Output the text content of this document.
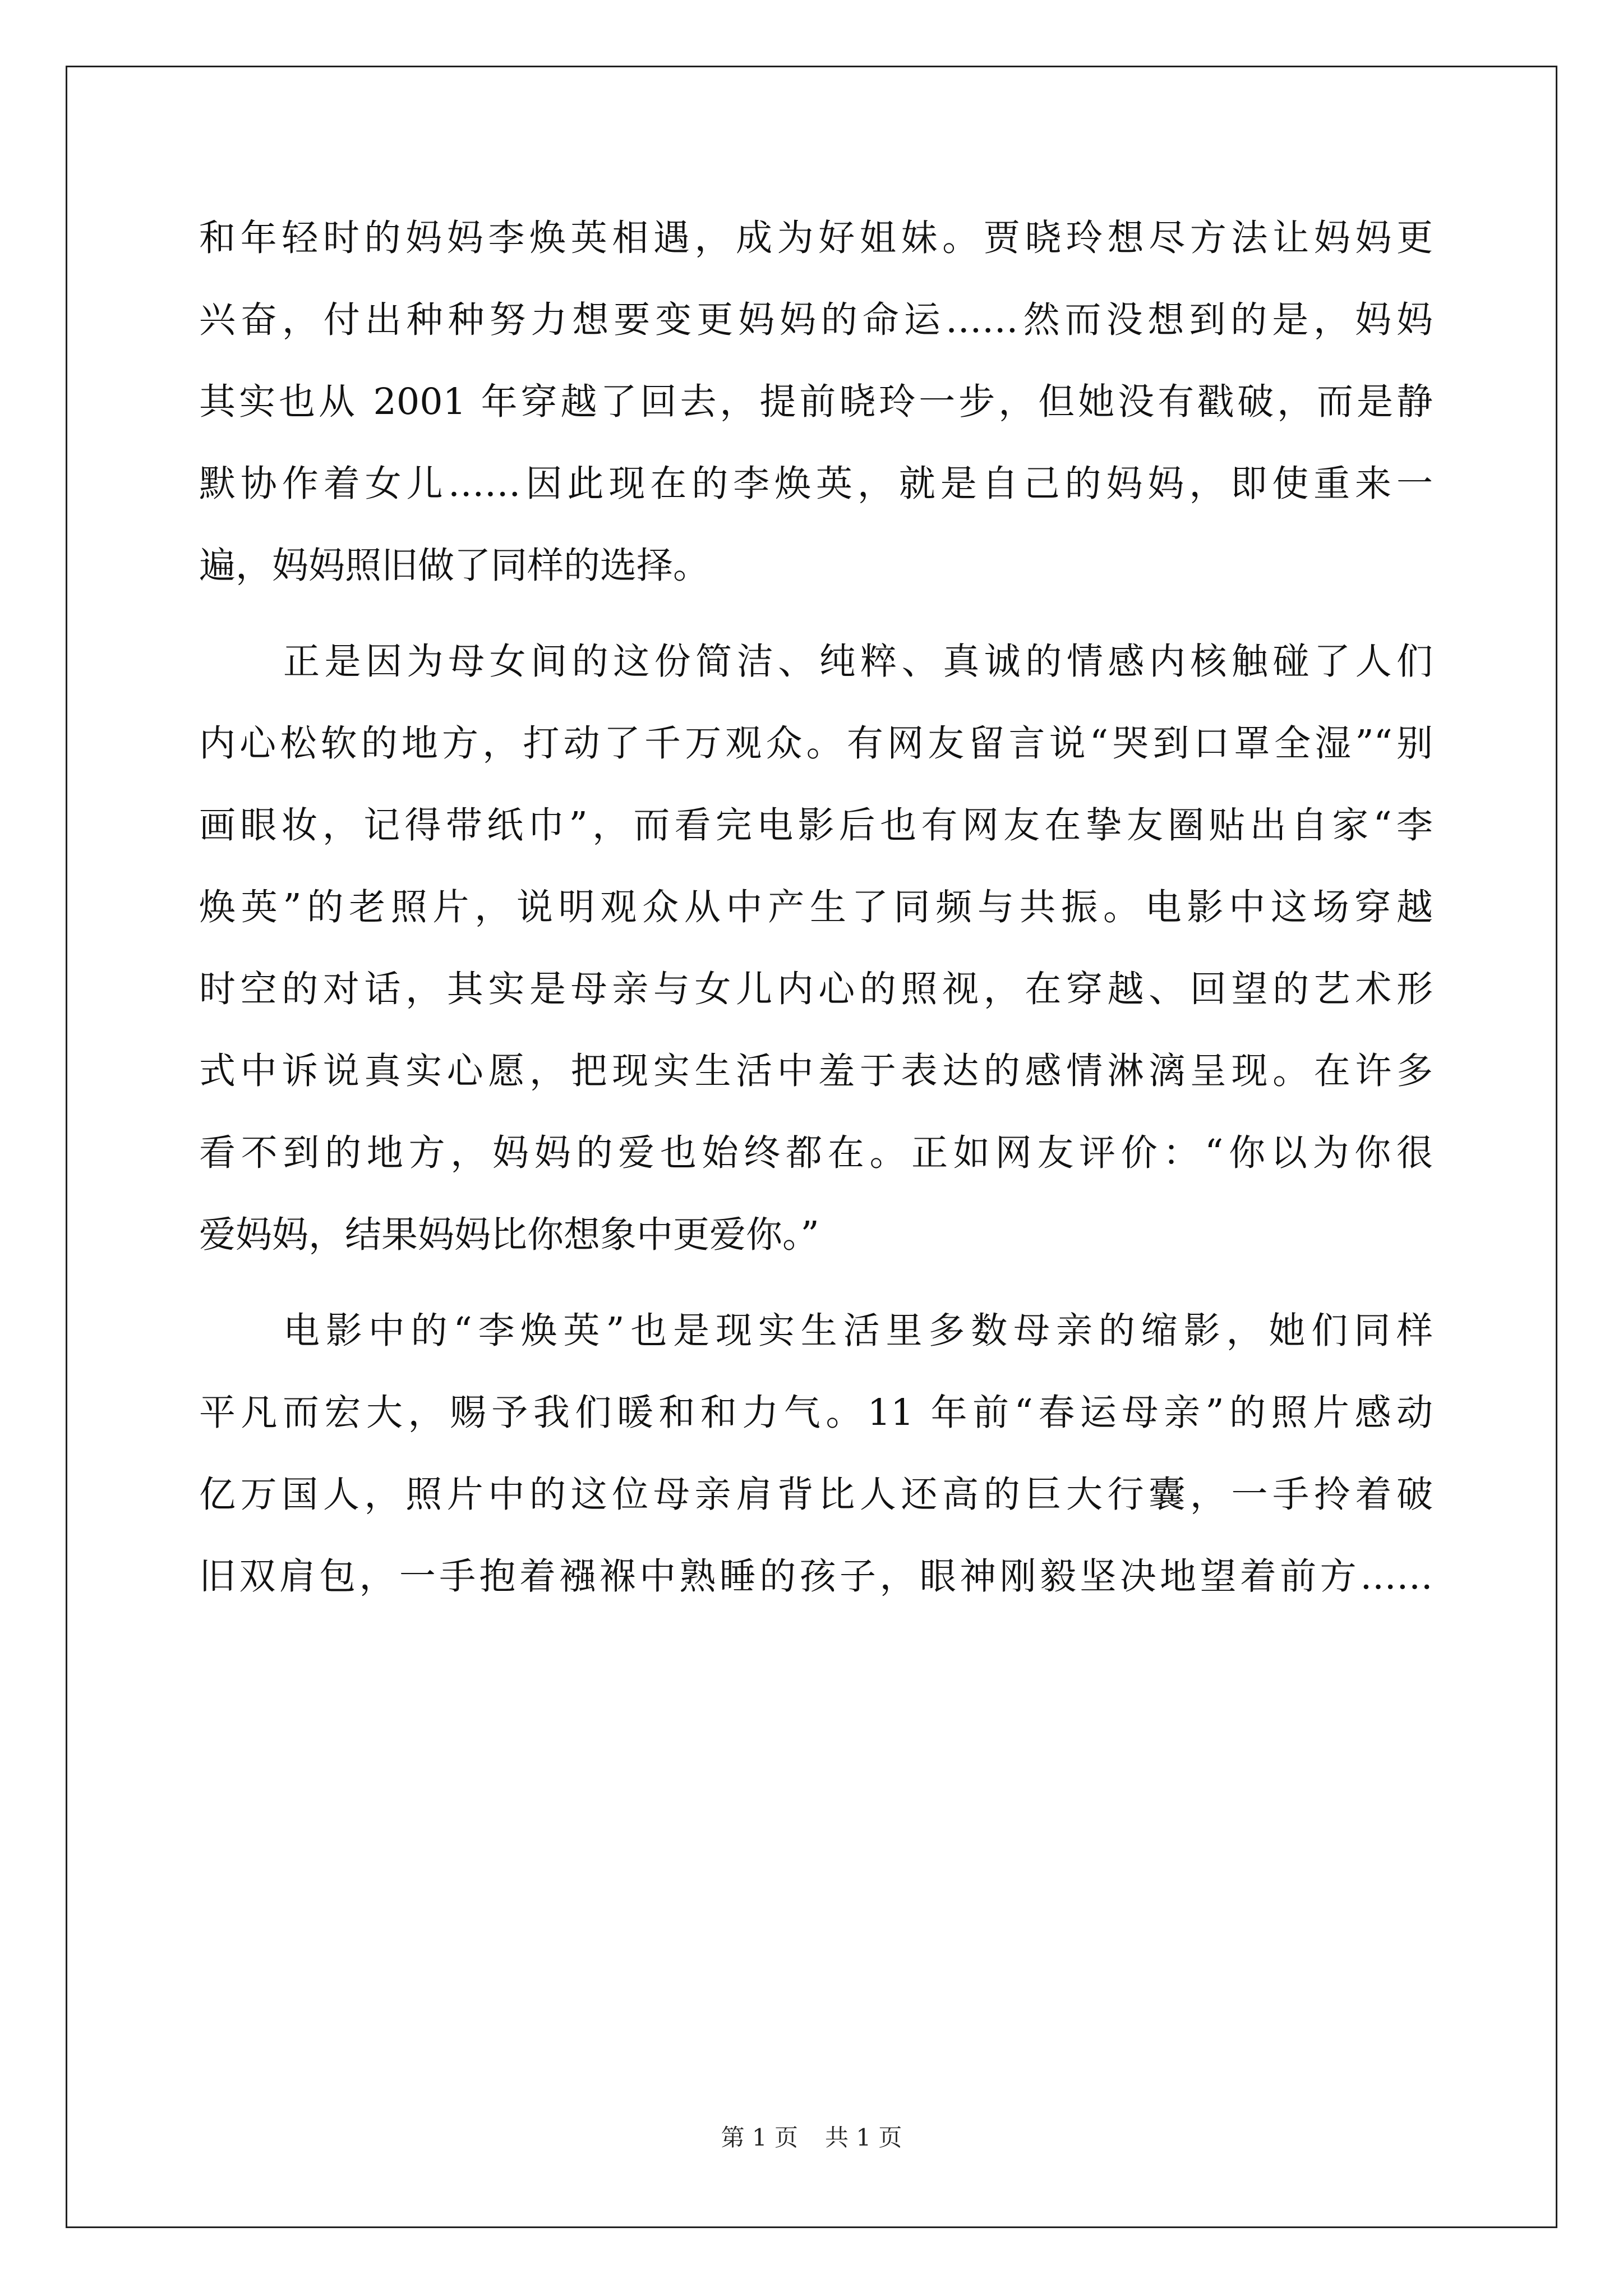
和年轻时的妈妈李焕英相遇，成为好姐妹。贾晓玲想尽方法让妈妈更
兴奋，付出种种努力想要变更妈妈的命运……然而没想到的是，妈妈
其实也从 2001 年穿越了回去，提前晓玲一步，但她没有戳破，而是静
默协作着女儿……因此现在的李焕英，就是自己的妈妈，即使重来一
遍，妈妈照旧做了同样的选择。

正是因为母女间的这份简洁、纯粹、真诚的情感内核触碰了人们
内心松软的地方，打动了千万观众。有网友留言说“哭到口罩全湿”“别
画眼妆，记得带纸巾”，而看完电影后也有网友在挚友圈贴出自家“李
焕英”的老照片，说明观众从中产生了同频与共振。电影中这场穿越
时空的对话，其实是母亲与女儿内心的照视，在穿越、回望的艺术形
式中诉说真实心愿，把现实生活中羞于表达的感情淋漓呈现。在许多
看不到的地方，妈妈的爱也始终都在。正如网友评价：“你以为你很
爱妈妈，结果妈妈比你想象中更爱你。”

电影中的“李焕英”也是现实生活里多数母亲的缩影，她们同样
平凡而宏大，赐予我们暖和和力气。11 年前“春运母亲”的照片感动
亿万国人，照片中的这位母亲肩背比人还高的巨大行囊，一手拎着破
旧双肩包，一手抱着襁褓中熟睡的孩子，眼神刚毅坚决地望着前方……

第 1 页 共 1 页
